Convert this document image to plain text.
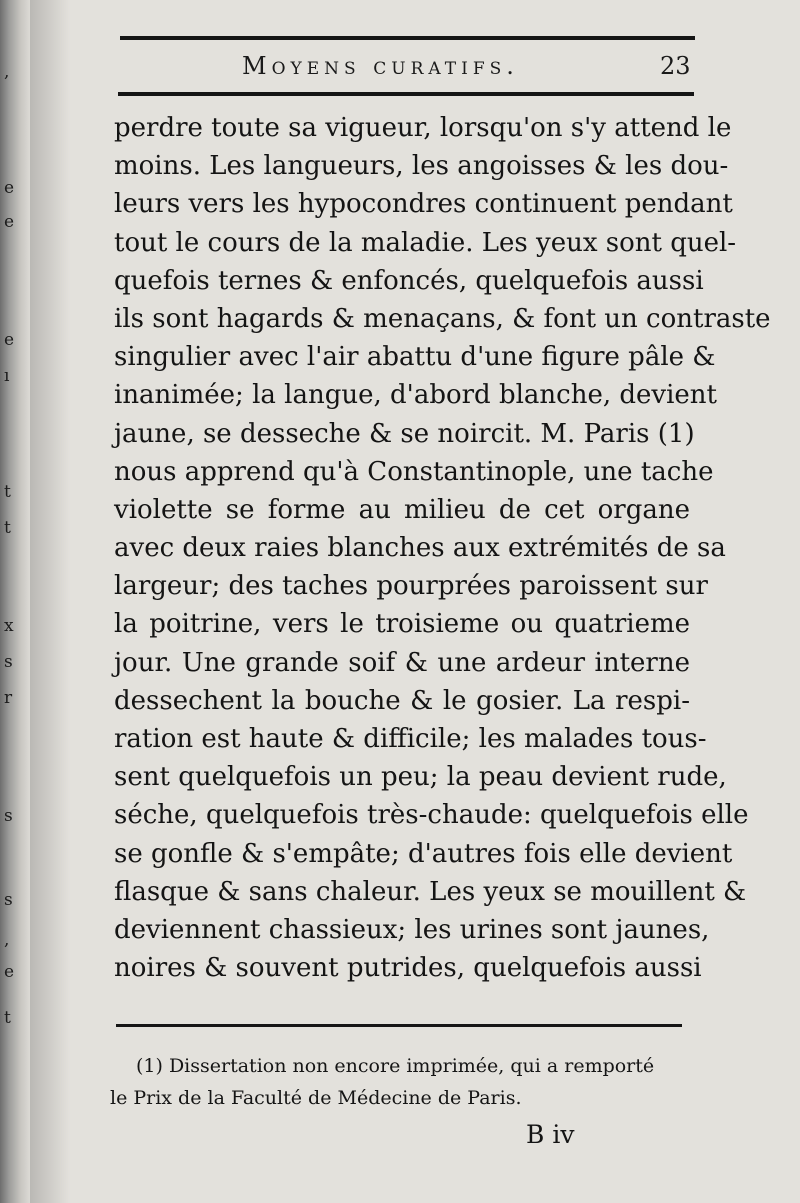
,
e
e
e
ı
t
t
x
s
r
s
s
,
e
t
Moyens curatifs.	23
perdre toute sa vigueur, lorsqu'on s'y attend le
moins. Les langueurs, les angoisses & les dou-
leurs vers les hypocondres continuent pendant
tout le cours de la maladie. Les yeux sont quel-
quefois ternes & enfoncés, quelquefois aussi
ils sont hagards & menaçans, & font un contraste
singulier avec l'air abattu d'une figure pâle &
inanimée; la langue, d'abord blanche, devient
jaune, se desseche & se noircit. M. Paris (1)
nous apprend qu'à Constantinople, une tache
violette se forme au milieu de cet organe
avec deux raies blanches aux extrémités de sa
largeur; des taches pourprées paroissent sur
la poitrine, vers le troisieme ou quatrieme
jour. Une grande soif & une ardeur interne
dessechent la bouche & le gosier. La respi-
ration est haute & difficile; les malades tous-
sent quelquefois un peu; la peau devient rude,
séche, quelquefois très-chaude: quelquefois elle
se gonfle & s'empâte; d'autres fois elle devient
flasque & sans chaleur. Les yeux se mouillent &
deviennent chassieux; les urines sont jaunes,
noires & souvent putrides, quelquefois aussi
(1) Dissertation non encore imprimée, qui a remporté
le Prix de la Faculté de Médecine de Paris.
B iv
